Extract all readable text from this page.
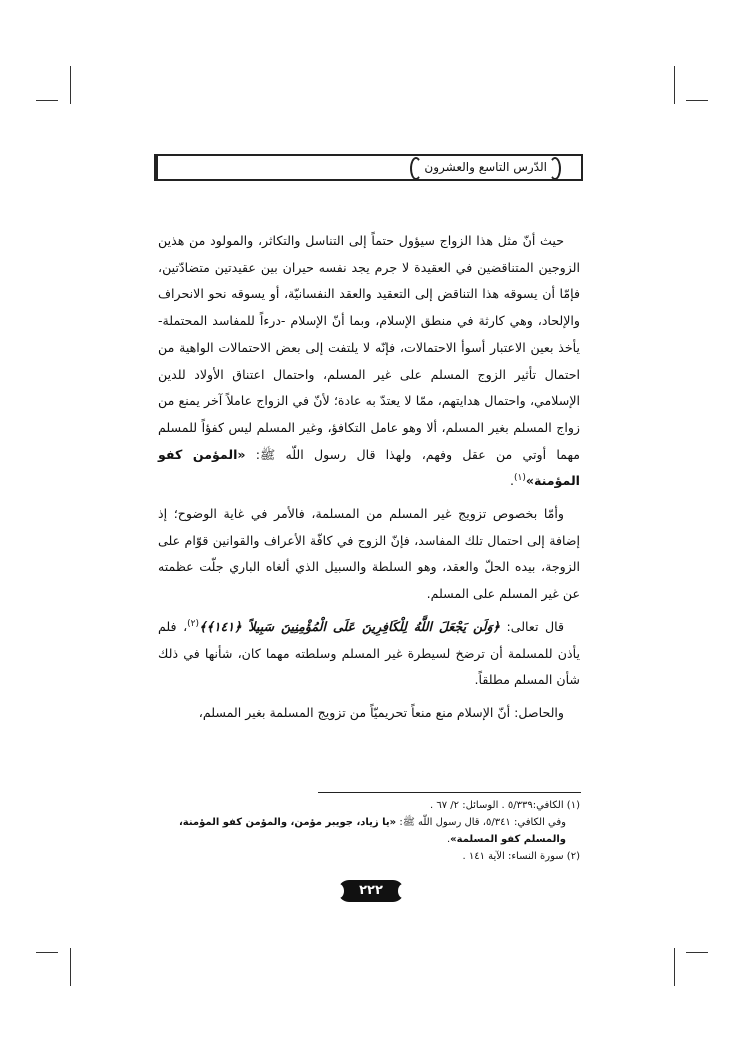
الدّرس التاسع والعشرون

حيث أنّ مثل هذا الزواج سيؤول حتماً إلى التناسل والتكاثر، والمولود من هذين الزوجين المتناقضين في العقيدة لا جرم يجد نفسه حيران بين عقيدتين متضادّتين، فإمّا أن يسوقه هذا التناقض إلى التعقيد والعقد النفسانيّة، أو يسوقه نحو الانحراف والإلحاد، وهي كارثة في منطق الإسلام، وبما أنّ الإسلام -درءاً للمفاسد المحتملة- يأخذ بعين الاعتبار أسوأ الاحتمالات، فإنّه لا يلتفت إلى بعض الاحتمالات الواهية من احتمال تأثير الزوج المسلم على غير المسلم، واحتمال اعتناق الأولاد للدين الإسلامي، واحتمال هدايتهم، ممّا لا يعتدّ به عادة؛ لأنّ في الزواج عاملاً آخر يمنع من زواج المسلم بغير المسلم، ألا وهو عامل التكافؤ، وغير المسلم ليس كفؤاً للمسلم مهما أوتي من عقل وفهم، ولهذا قال رسول اللّه ﷺ: «المؤمن كفو المؤمنة»$^{(١)}$.

وأمّا بخصوص تزويج غير المسلم من المسلمة، فالأمر في غاية الوضوح؛ إذ إضافة إلى احتمال تلك المفاسد، فإنّ الزوج في كافّة الأعراف والقوانين قوّام على الزوجة، بيده الحلّ والعقد، وهو السلطة والسبيل الذي ألغاه الباري جلّت عظمته عن غير المسلم على المسلم.

قال تعالى: ﴿وَلَن يَجْعَلَ اللَّهُ لِلْكَافِرِينَ عَلَى الْمُؤْمِنِينَ سَبِيلاً ﴿١٤١﴾﴾$^{(٢)}$، فلم يأذن للمسلمة أن ترضخ لسيطرة غير المسلم وسلطته مهما كان، شأنها في ذلك شأن المسلم مطلقاً.

والحاصل: أنّ الإسلام منع منعاً تحريميّاً من تزويج المسلمة بغير المسلم،

(١) الكافي:٥/٣٣٩ . الوسائل: ٢/ ٦٧ .

وفي الكافي: ٥/٣٤١، قال رسول اللّه ﷺ: «يا زياد، جويبر مؤمن، والمؤمن كفو المؤمنة، والمسلم كفو المسلمة».

(٢) سورة النساء: الآية ١٤١ .

٢٢٢
